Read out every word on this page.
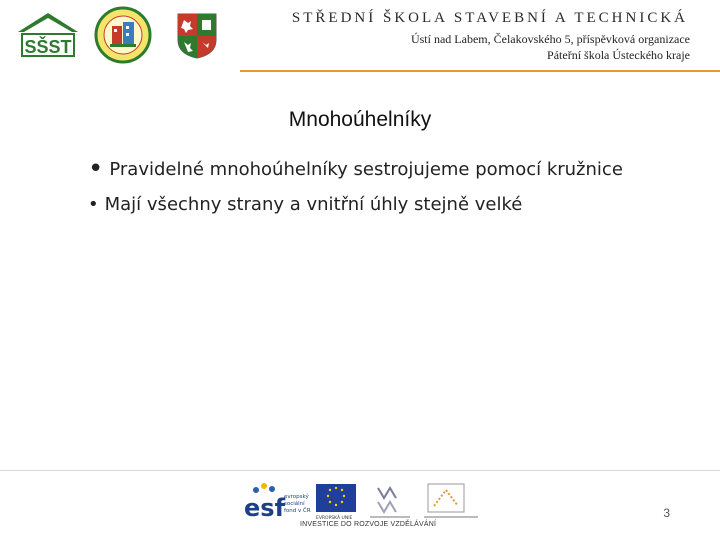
SŠST
STŘEDNÍ ŠKOLA STAVEBNÍ A TECHNICKÁ
Ústí nad Labem, Čelakovského 5, příspěvková organizace
Páteřní škola Ústeckého kraje
Mnohoúhelníky
• Pravidelné mnohoúhelníky sestrojujeme pomocí kružnice
• Mají všechny strany a vnitřní úhly stejně velké
esf
evropský
sociální
fond v ČR
EVROPSKÁ UNIE
INVESTICE DO ROZVOJE VZDĚLÁVÁNÍ
3
